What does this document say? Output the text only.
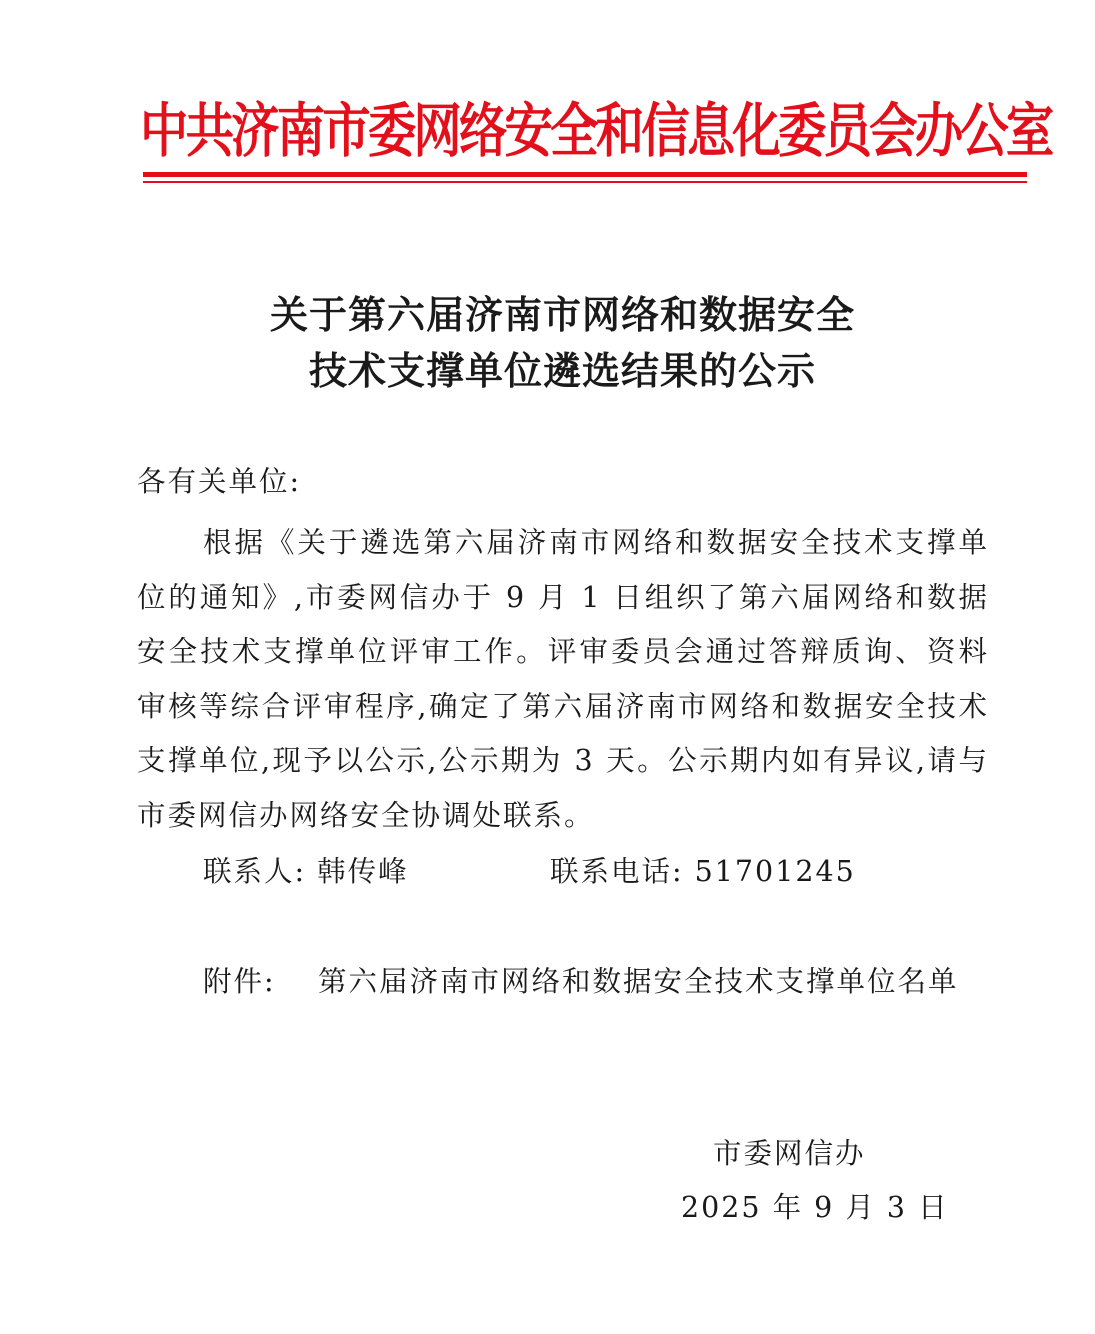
中共济南市委网络安全和信息化委员会办公室
关于第六届济南市网络和数据安全
技术支撑单位遴选结果的公示
各有关单位:
根据《关于遴选第六届济南市网络和数据安全技术支撑单位的通知》,市委网信办于 9 月 1 日组织了第六届网络和数据安全技术支撑单位评审工作。评审委员会通过答辩质询、资料审核等综合评审程序,确定了第六届济南市网络和数据安全技术支撑单位,现予以公示,公示期为 3 天。公示期内如有异议,请与市委网信办网络安全协调处联系。
联系人: 韩传峰	联系电话: 51701245
附件: 第六届济南市网络和数据安全技术支撑单位名单
市委网信办
2025 年 9 月 3 日
